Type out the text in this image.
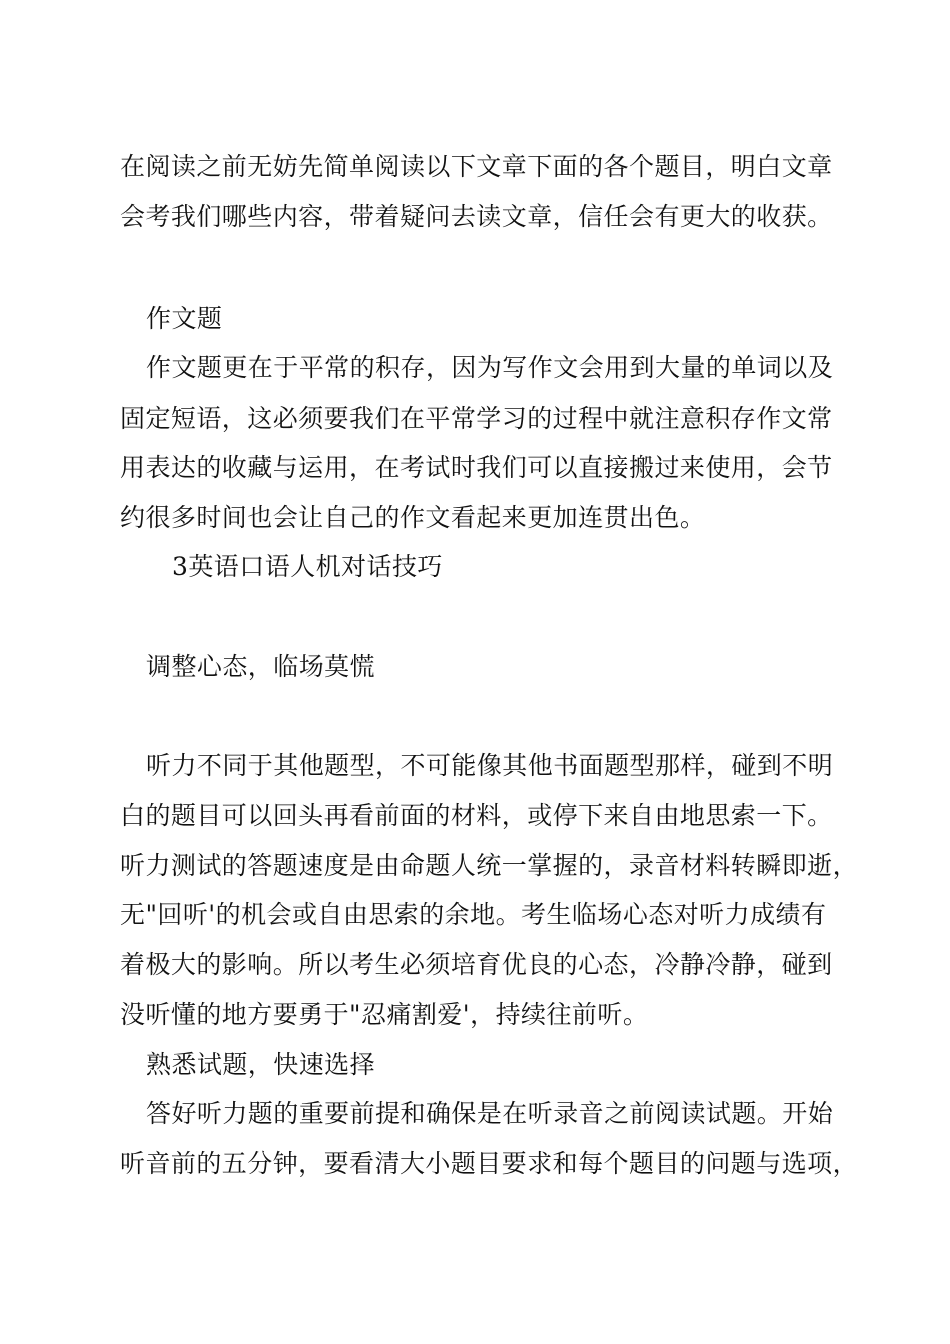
在阅读之前无妨先简单阅读以下文章下面的各个题目，明白文章
会考我们哪些内容，带着疑问去读文章，信任会有更大的收获。
作文题
作文题更在于平常的积存，因为写作文会用到大量的单词以及
固定短语，这必须要我们在平常学习的过程中就注意积存作文常
用表达的收藏与运用，在考试时我们可以直接搬过来使用，会节
约很多时间也会让自己的作文看起来更加连贯出色。
3英语口语人机对话技巧
调整心态，临场莫慌
听力不同于其他题型，不可能像其他书面题型那样，碰到不明
白的题目可以回头再看前面的材料，或停下来自由地思索一下。
听力测试的答题速度是由命题人统一掌握的，录音材料转瞬即逝，
无"回听'的机会或自由思索的余地。考生临场心态对听力成绩有
着极大的影响。所以考生必须培育优良的心态，冷静冷静，碰到
没听懂的地方要勇于"忍痛割爱'，持续往前听。
熟悉试题，快速选择
答好听力题的重要前提和确保是在听录音之前阅读试题。开始
听音前的五分钟，要看清大小题目要求和每个题目的问题与选项，
